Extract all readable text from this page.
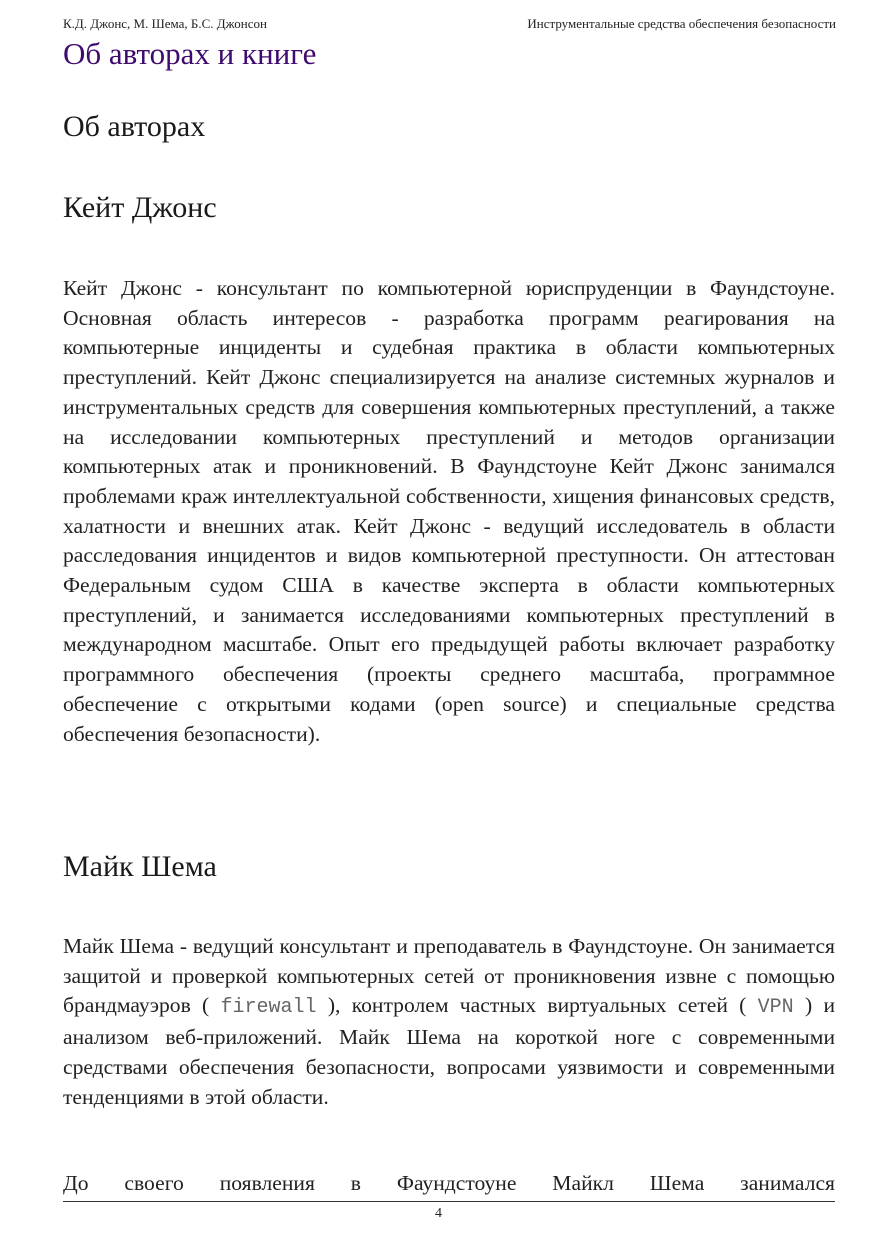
К.Д. Джонс, М. Шема, Б.С. Джонсон	Инструментальные средства обеспечения безопасности
Об авторах и книге
Об авторах
Кейт Джонс

Кейт Джонс - консультант по компьютерной юриспруденции в Фаундстоуне. Основная область интересов - разработка программ реагирования на компьютерные инциденты и судебная практика в области компьютерных преступлений. Кейт Джонс специализируется на анализе системных журналов и инструментальных средств для совершения компьютерных преступлений, а также на исследовании компьютерных преступлений и методов организации компьютерных атак и проникновений. В Фаундстоуне Кейт Джонс занимался проблемами краж интеллектуальной собственности, хищения финансовых средств, халатности и внешних атак. Кейт Джонс - ведущий исследователь в области расследования инцидентов и видов компьютерной преступности. Он аттестован Федеральным судом США в качестве эксперта в области компьютерных преступлений, и занимается исследованиями компьютерных преступлений в международном масштабе. Опыт его предыдущей работы включает разработку программного обеспечения (проекты среднего масштаба, программное обеспечение с открытыми кодами (open source) и специальные средства обеспечения безопасности).

Майк Шема

Майк Шема - ведущий консультант и преподаватель в Фаундстоуне. Он занимается защитой и проверкой компьютерных сетей от проникновения извне с помощью брандмауэров ( firewall ), контролем частных виртуальных сетей ( VPN ) и анализом веб-приложений. Майк Шема на короткой ноге с современными средствами обеспечения безопасности, вопросами уязвимости и современными тенденциями в этой области.

До своего появления в Фаундстоуне Майкл Шема занимался

4
